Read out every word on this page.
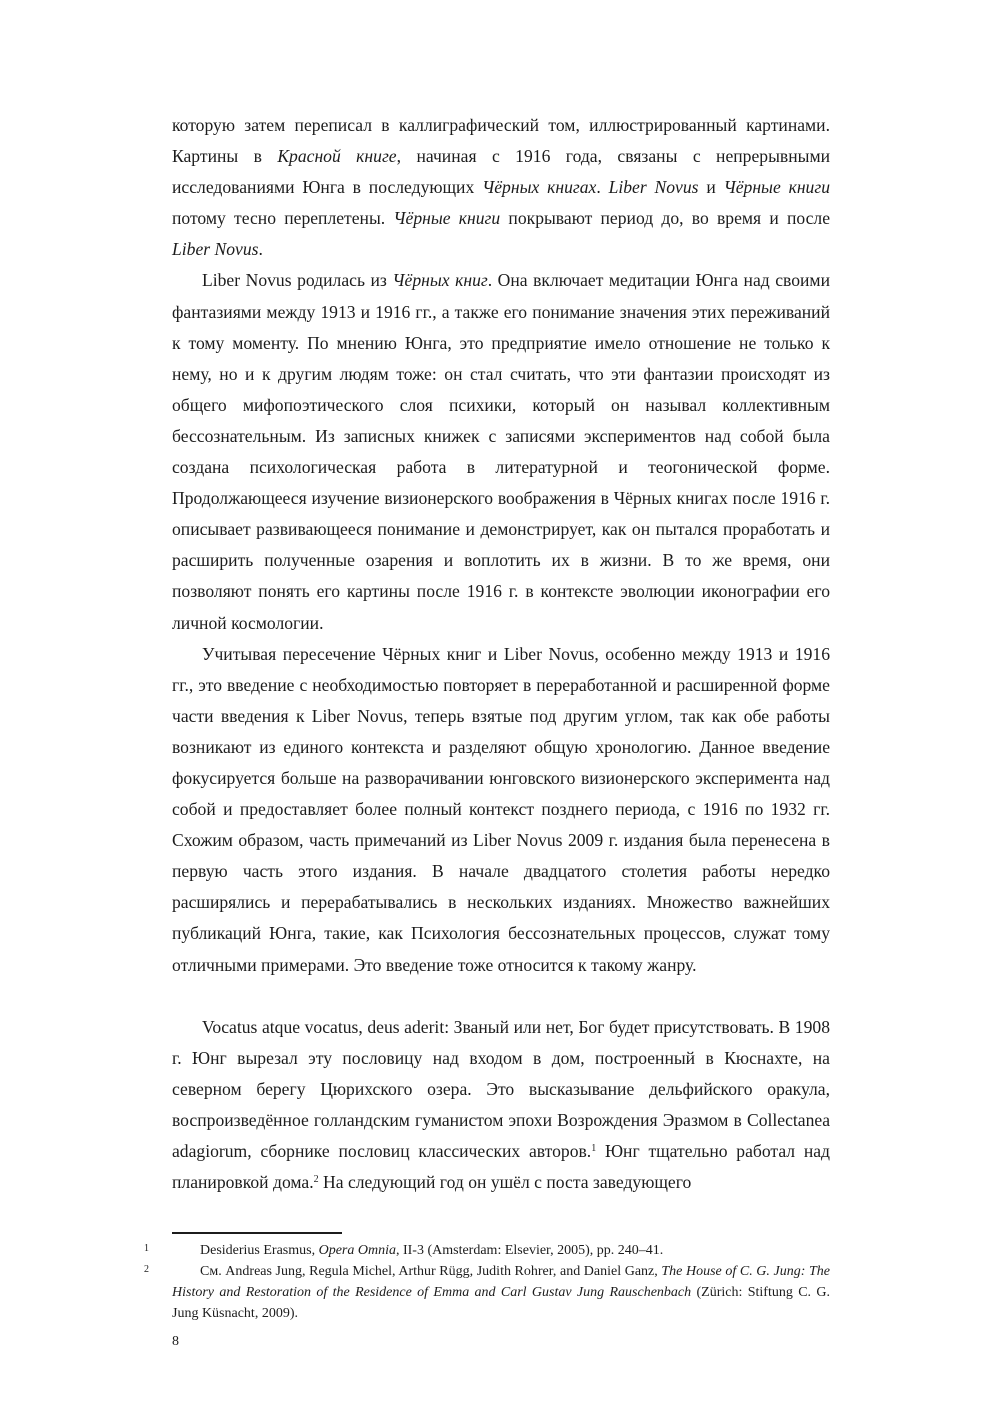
которую затем переписал в каллиграфический том, иллюстрированный картинами. Картины в Красной книге, начиная с 1916 года, связаны с непрерывными исследованиями Юнга в последующих Чёрных книгах. Liber Novus и Чёрные книги потому тесно переплетены. Чёрные книги покрывают период до, во время и после Liber Novus.

Liber Novus родилась из Чёрных книг. Она включает медитации Юнга над своими фантазиями между 1913 и 1916 гг., а также его понимание значения этих переживаний к тому моменту. По мнению Юнга, это предприятие имело отношение не только к нему, но и к другим людям тоже: он стал считать, что эти фантазии происходят из общего мифопоэтического слоя психики, который он называл коллективным бессознательным. Из записных книжек с записями экспериментов над собой была создана психологическая работа в литературной и теогонической форме. Продолжающееся изучение визионерского воображения в Чёрных книгах после 1916 г. описывает развивающееся понимание и демонстрирует, как он пытался проработать и расширить полученные озарения и воплотить их в жизни. В то же время, они позволяют понять его картины после 1916 г. в контексте эволюции иконографии его личной космологии.

Учитывая пересечение Чёрных книг и Liber Novus, особенно между 1913 и 1916 гг., это введение с необходимостью повторяет в переработанной и расширенной форме части введения к Liber Novus, теперь взятые под другим углом, так как обе работы возникают из единого контекста и разделяют общую хронологию. Данное введение фокусируется больше на разворачивании юнговского визионерского эксперимента над собой и предоставляет более полный контекст позднего периода, с 1916 по 1932 гг. Схожим образом, часть примечаний из Liber Novus 2009 г. издания была перенесена в первую часть этого издания. В начале двадцатого столетия работы нередко расширялись и перерабатывались в нескольких изданиях. Множество важнейших публикаций Юнга, такие, как Психология бессознательных процессов, служат тому отличными примерами. Это введение тоже относится к такому жанру.

Vocatus atque vocatus, deus aderit: Званый или нет, Бог будет присутствовать. В 1908 г. Юнг вырезал эту пословицу над входом в дом, построенный в Кюснахте, на северном берегу Цюрихского озера. Это высказывание дельфийского оракула, воспроизведённое голландским гуманистом эпохи Возрождения Эразмом в Collectanea adagiorum, сборнике пословиц классических авторов.$^1$ Юнг тщательно работал над планировкой дома.$^2$ На следующий год он ушёл с поста заведующего

1	Desiderius Erasmus, Opera Omnia, II-3 (Amsterdam: Elsevier, 2005), pp. 240–41.

2	См. Andreas Jung, Regula Michel, Arthur Rügg, Judith Rohrer, and Daniel Ganz, The House of C. G. Jung: The History and Restoration of the Residence of Emma and Carl Gustav Jung Rauschenbach (Zürich: Stiftung C. G. Jung Küsnacht, 2009).

8
